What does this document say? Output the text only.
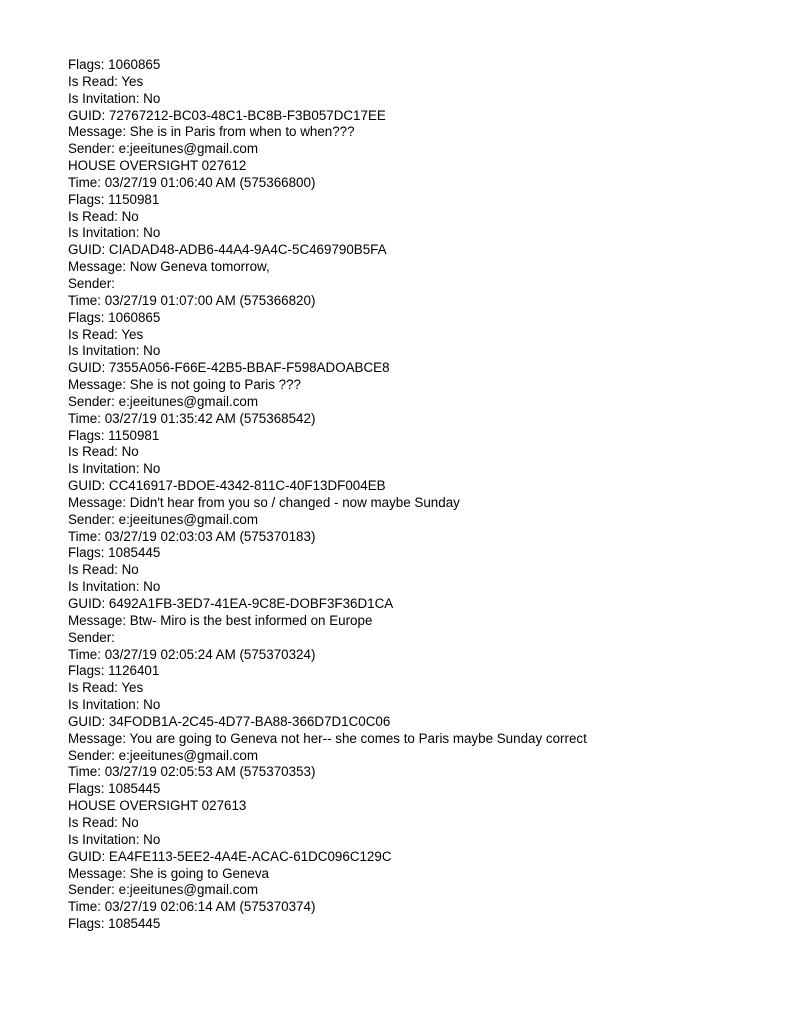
Flags: 1060865
Is Read: Yes
Is Invitation: No
GUID: 72767212-BC03-48C1-BC8B-F3B057DC17EE
Message: She is in Paris from when to when???
Sender: e:jeeitunes@gmail.com
HOUSE OVERSIGHT 027612
Time: 03/27/19 01:06:40 AM (575366800)
Flags: 1150981
Is Read: No
Is Invitation: No
GUID: CIADAD48-ADB6-44A4-9A4C-5C469790B5FA
Message: Now Geneva tomorrow,
Sender:
Time: 03/27/19 01:07:00 AM (575366820)
Flags: 1060865
Is Read: Yes
Is Invitation: No
GUID: 7355A056-F66E-42B5-BBAF-F598ADOABCE8
Message: She is not going to Paris ???
Sender: e:jeeitunes@gmail.com
Time: 03/27/19 01:35:42 AM (575368542)
Flags: 1150981
Is Read: No
Is Invitation: No
GUID: CC416917-BDOE-4342-811C-40F13DF004EB
Message: Didn't hear from you so / changed - now maybe Sunday
Sender: e:jeeitunes@gmail.com
Time: 03/27/19 02:03:03 AM (575370183)
Flags: 1085445
Is Read: No
Is Invitation: No
GUID: 6492A1FB-3ED7-41EA-9C8E-DOBF3F36D1CA
Message: Btw- Miro is the best informed on Europe
Sender:
Time: 03/27/19 02:05:24 AM (575370324)
Flags: 1126401
Is Read: Yes
Is Invitation: No
GUID: 34FODB1A-2C45-4D77-BA88-366D7D1C0C06
Message: You are going to Geneva not her-- she comes to Paris maybe Sunday correct
Sender: e:jeeitunes@gmail.com
Time: 03/27/19 02:05:53 AM (575370353)
Flags: 1085445
HOUSE OVERSIGHT 027613
Is Read: No
Is Invitation: No
GUID: EA4FE113-5EE2-4A4E-ACAC-61DC096C129C
Message: She is going to Geneva
Sender: e:jeeitunes@gmail.com
Time: 03/27/19 02:06:14 AM (575370374)
Flags: 1085445
